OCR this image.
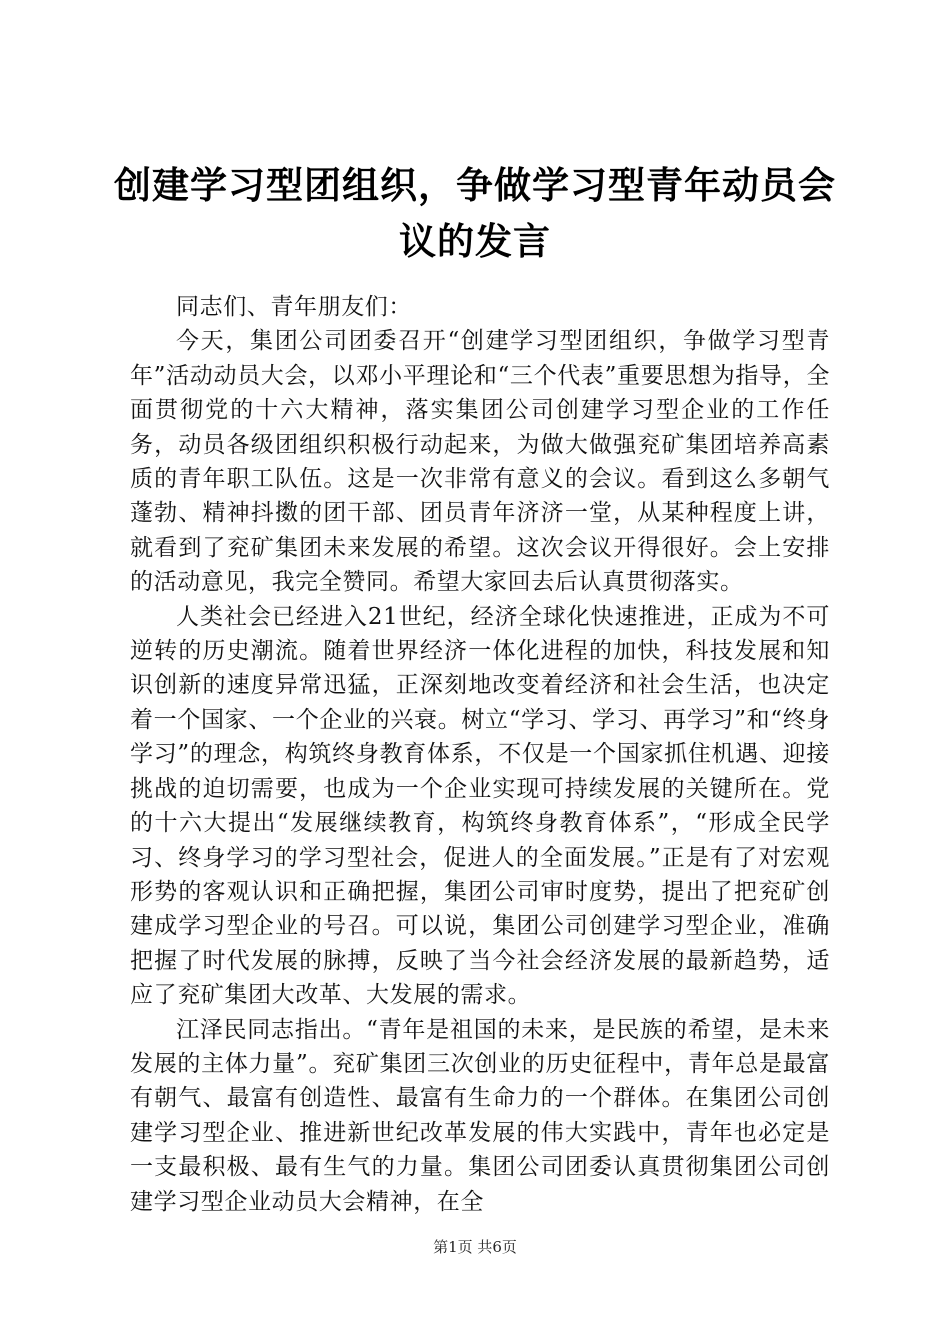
创建学习型团组织，争做学习型青年动员会议的发言

同志们、青年朋友们：

今天，集团公司团委召开“创建学习型团组织，争做学习型青年”活动动员大会，以邓小平理论和“三个代表”重要思想为指导，全面贯彻党的十六大精神，落实集团公司创建学习型企业的工作任务，动员各级团组织积极行动起来，为做大做强兖矿集团培养高素质的青年职工队伍。这是一次非常有意义的会议。看到这么多朝气蓬勃、精神抖擞的团干部、团员青年济济一堂，从某种程度上讲，就看到了兖矿集团未来发展的希望。这次会议开得很好。会上安排的活动意见，我完全赞同。希望大家回去后认真贯彻落实。

人类社会已经进入21世纪，经济全球化快速推进，正成为不可逆转的历史潮流。随着世界经济一体化进程的加快，科技发展和知识创新的速度异常迅猛，正深刻地改变着经济和社会生活，也决定着一个国家、一个企业的兴衰。树立“学习、学习、再学习”和“终身学习”的理念，构筑终身教育体系，不仅是一个国家抓住机遇、迎接挑战的迫切需要，也成为一个企业实现可持续发展的关键所在。党的十六大提出“发展继续教育，构筑终身教育体系”，“形成全民学习、终身学习的学习型社会，促进人的全面发展。”正是有了对宏观形势的客观认识和正确把握，集团公司审时度势，提出了把兖矿创建成学习型企业的号召。可以说，集团公司创建学习型企业，准确把握了时代发展的脉搏，反映了当今社会经济发展的最新趋势，适应了兖矿集团大改革、大发展的需求。

江泽民同志指出。“青年是祖国的未来，是民族的希望，是未来发展的主体力量”。兖矿集团三次创业的历史征程中，青年总是最富有朝气、最富有创造性、最富有生命力的一个群体。在集团公司创建学习型企业、推进新世纪改革发展的伟大实践中，青年也必定是一支最积极、最有生气的力量。集团公司团委认真贯彻集团公司创建学习型企业动员大会精神，在全

第1页 共6页
